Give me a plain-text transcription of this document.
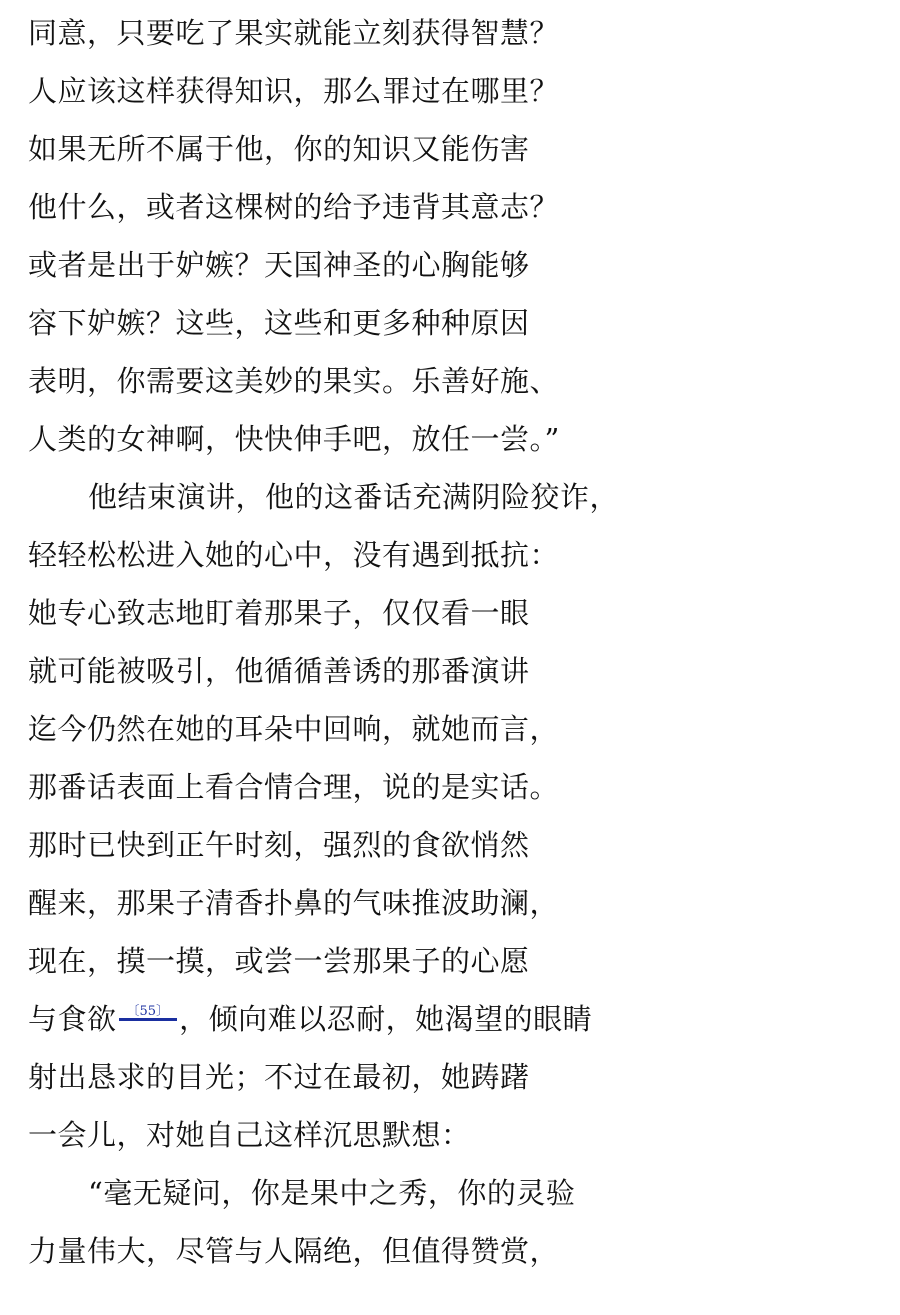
同意，只要吃了果实就能立刻获得智慧？
人应该这样获得知识，那么罪过在哪里？
如果无所不属于他，你的知识又能伤害
他什么，或者这棵树的给予违背其意志？
或者是出于妒嫉？天国神圣的心胸能够
容下妒嫉？这些，这些和更多种种原因
表明，你需要这美妙的果实。乐善好施、
人类的女神啊，快快伸手吧，放任一尝。”
他结束演讲，他的这番话充满阴险狡诈，
轻轻松松进入她的心中，没有遇到抵抗：
她专心致志地盯着那果子，仅仅看一眼
就可能被吸引，他循循善诱的那番演讲
迄今仍然在她的耳朵中回响，就她而言，
那番话表面上看合情合理，说的是实话。
那时已快到正午时刻，强烈的食欲悄然
醒来，那果子清香扑鼻的气味推波助澜，
现在，摸一摸，或尝一尝那果子的心愿
与食欲 〔55〕 ，倾向难以忍耐，她渴望的眼睛
射出恳求的目光；不过在最初，她踌躇
一会儿，对她自己这样沉思默想：
“毫无疑问，你是果中之秀，你的灵验
力量伟大，尽管与人隔绝，但值得赞赏，
